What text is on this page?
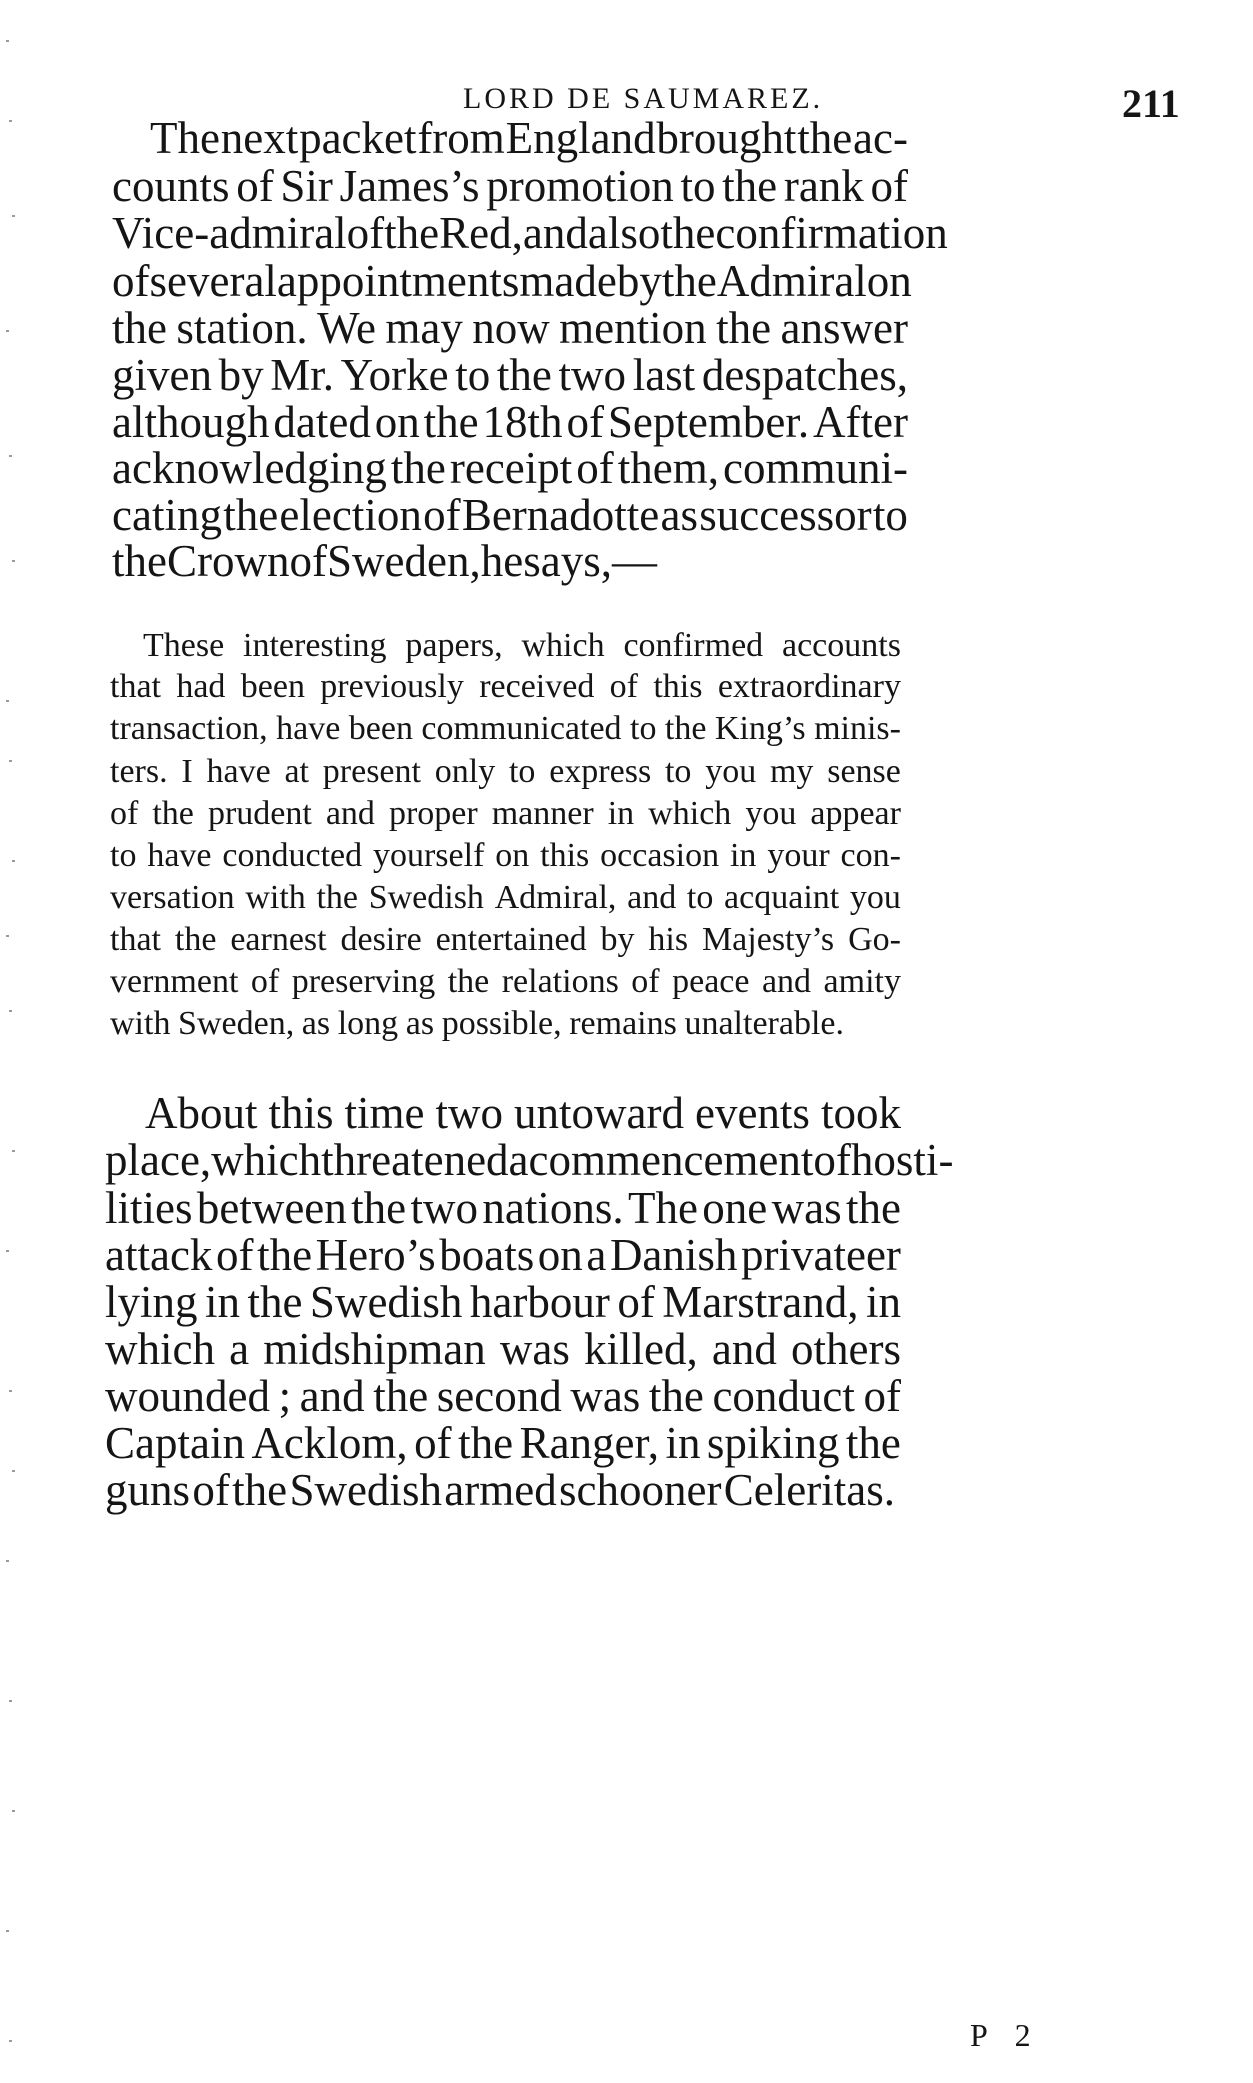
LORD DE SAUMAREZ.	211
The next packet from England brought the ac-
counts of Sir James’s promotion to the rank of
Vice-admiral of the Red, and also the confirmation
of several appointments made by the Admiral on
the station. We may now mention the answer
given by Mr. Yorke to the two last despatches,
although dated on the 18th of September. After
acknowledging the receipt of them, communi-
cating the election of Bernadotte as successor to
the Crown of Sweden, he says,—
These interesting papers, which confirmed accounts
that had been previously received of this extraordinary
transaction, have been communicated to the King’s minis-
ters. I have at present only to express to you my sense
of the prudent and proper manner in which you appear
to have conducted yourself on this occasion in your con-
versation with the Swedish Admiral, and to acquaint you
that the earnest desire entertained by his Majesty’s Go-
vernment of preserving the relations of peace and amity
with Sweden, as long as possible, remains unalterable.
About this time two untoward events took
place, which threatened a commencement of hosti-
lities between the two nations. The one was the
attack of the Hero’s boats on a Danish privateer
lying in the Swedish harbour of Marstrand, in
which a midshipman was killed, and others
wounded ; and the second was the conduct of
Captain Acklom, of the Ranger, in spiking the
guns of the Swedish armed schooner Celeritas.
P 2
